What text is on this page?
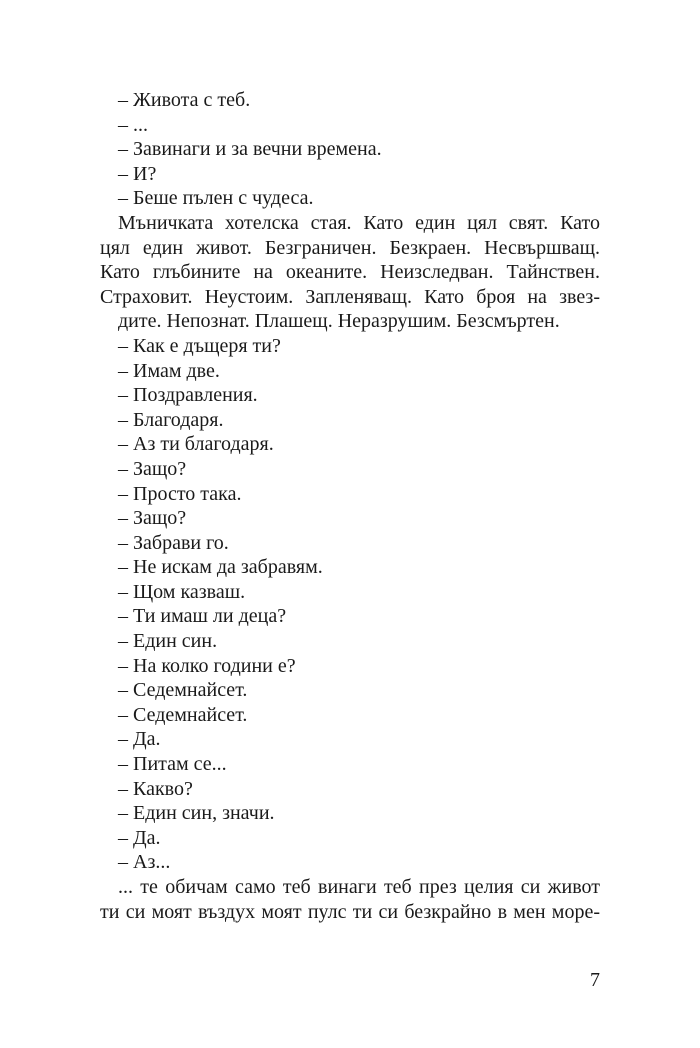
– Живота с теб.
– ...
– Завинаги и за вечни времена.
– И?
– Беше пълен с чудеса.
Мъничката хотелска стая. Като един цял свят. Като
цял един живот. Безграничен. Безкраен. Несвършващ.
Като глъбините на океаните. Неизследван. Тайнствен.
Страховит. Неустоим. Запленяващ. Като броя на звез-
дите. Непознат. Плашещ. Неразрушим. Безсмъртен.
– Как е дъщеря ти?
– Имам две.
– Поздравления.
– Благодаря.
– Аз ти благодаря.
– Защо?
– Просто така.
– Защо?
– Забрави го.
– Не искам да забравям.
– Щом казваш.
– Ти имаш ли деца?
– Един син.
– На колко години е?
– Седемнайсет.
– Седемнайсет.
– Да.
– Питам се...
– Какво?
– Един син, значи.
– Да.
– Аз...
... те обичам само теб винаги теб през целия си живот
ти си моят въздух моят пулс ти си безкрайно в мен море-
7
